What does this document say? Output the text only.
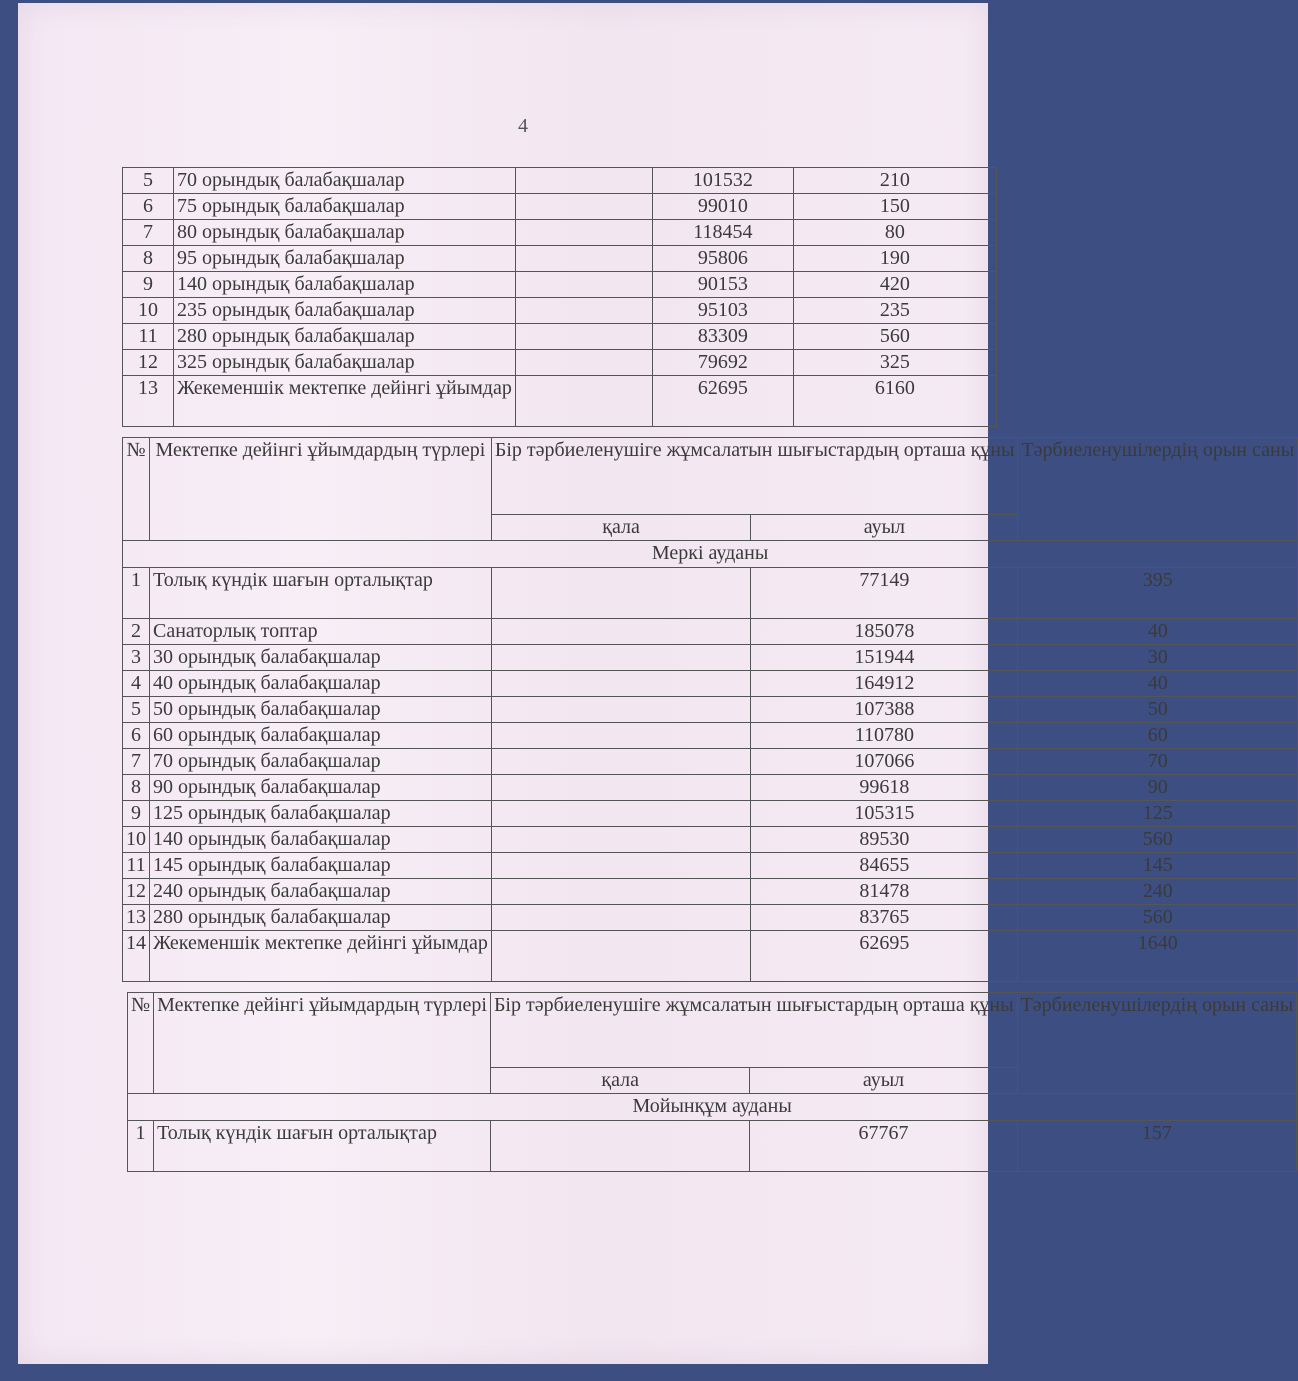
4
5	70 орындық балабақшалар		101532	210
6	75 орындық балабақшалар		99010	150
7	80 орындық балабақшалар		118454	80
8	95 орындық балабақшалар		95806	190
9	140 орындық балабақшалар		90153	420
10	235 орындық балабақшалар		95103	235
11	280 орындық балабақшалар		83309	560
12	325 орындық балабақшалар		79692	325
13	Жекеменшік мектепке дейінгі ұйымдар		62695	6160
№	Мектепке дейінгі ұйымдардың түрлері	Бір тәрбиеленушіге жұмсалатын шығыстардың орташа құны		Тәрбиеленушілердің орын саны
		қала	ауыл	
Меркі ауданы				
1	Толық күндік шағын орталықтар		77149	395
2	Санаторлық топтар		185078	40
3	30 орындық балабақшалар		151944	30
4	40 орындық балабақшалар		164912	40
5	50 орындық балабақшалар		107388	50
6	60 орындық балабақшалар		110780	60
7	70 орындық балабақшалар		107066	70
8	90 орындық балабақшалар		99618	90
9	125 орындық балабақшалар		105315	125
10	140 орындық балабақшалар		89530	560
11	145 орындық балабақшалар		84655	145
12	240 орындық балабақшалар		81478	240
13	280 орындық балабақшалар		83765	560
14	Жекеменшік мектепке дейінгі ұйымдар		62695	1640
№	Мектепке дейінгі ұйымдардың түрлері	Бір тәрбиеленушіге жұмсалатын шығыстардың орташа құны		Тәрбиеленушілердің орын саны
		қала	ауыл	
Мойынқұм ауданы				
1	Толық күндік шағын орталықтар		67767	157
